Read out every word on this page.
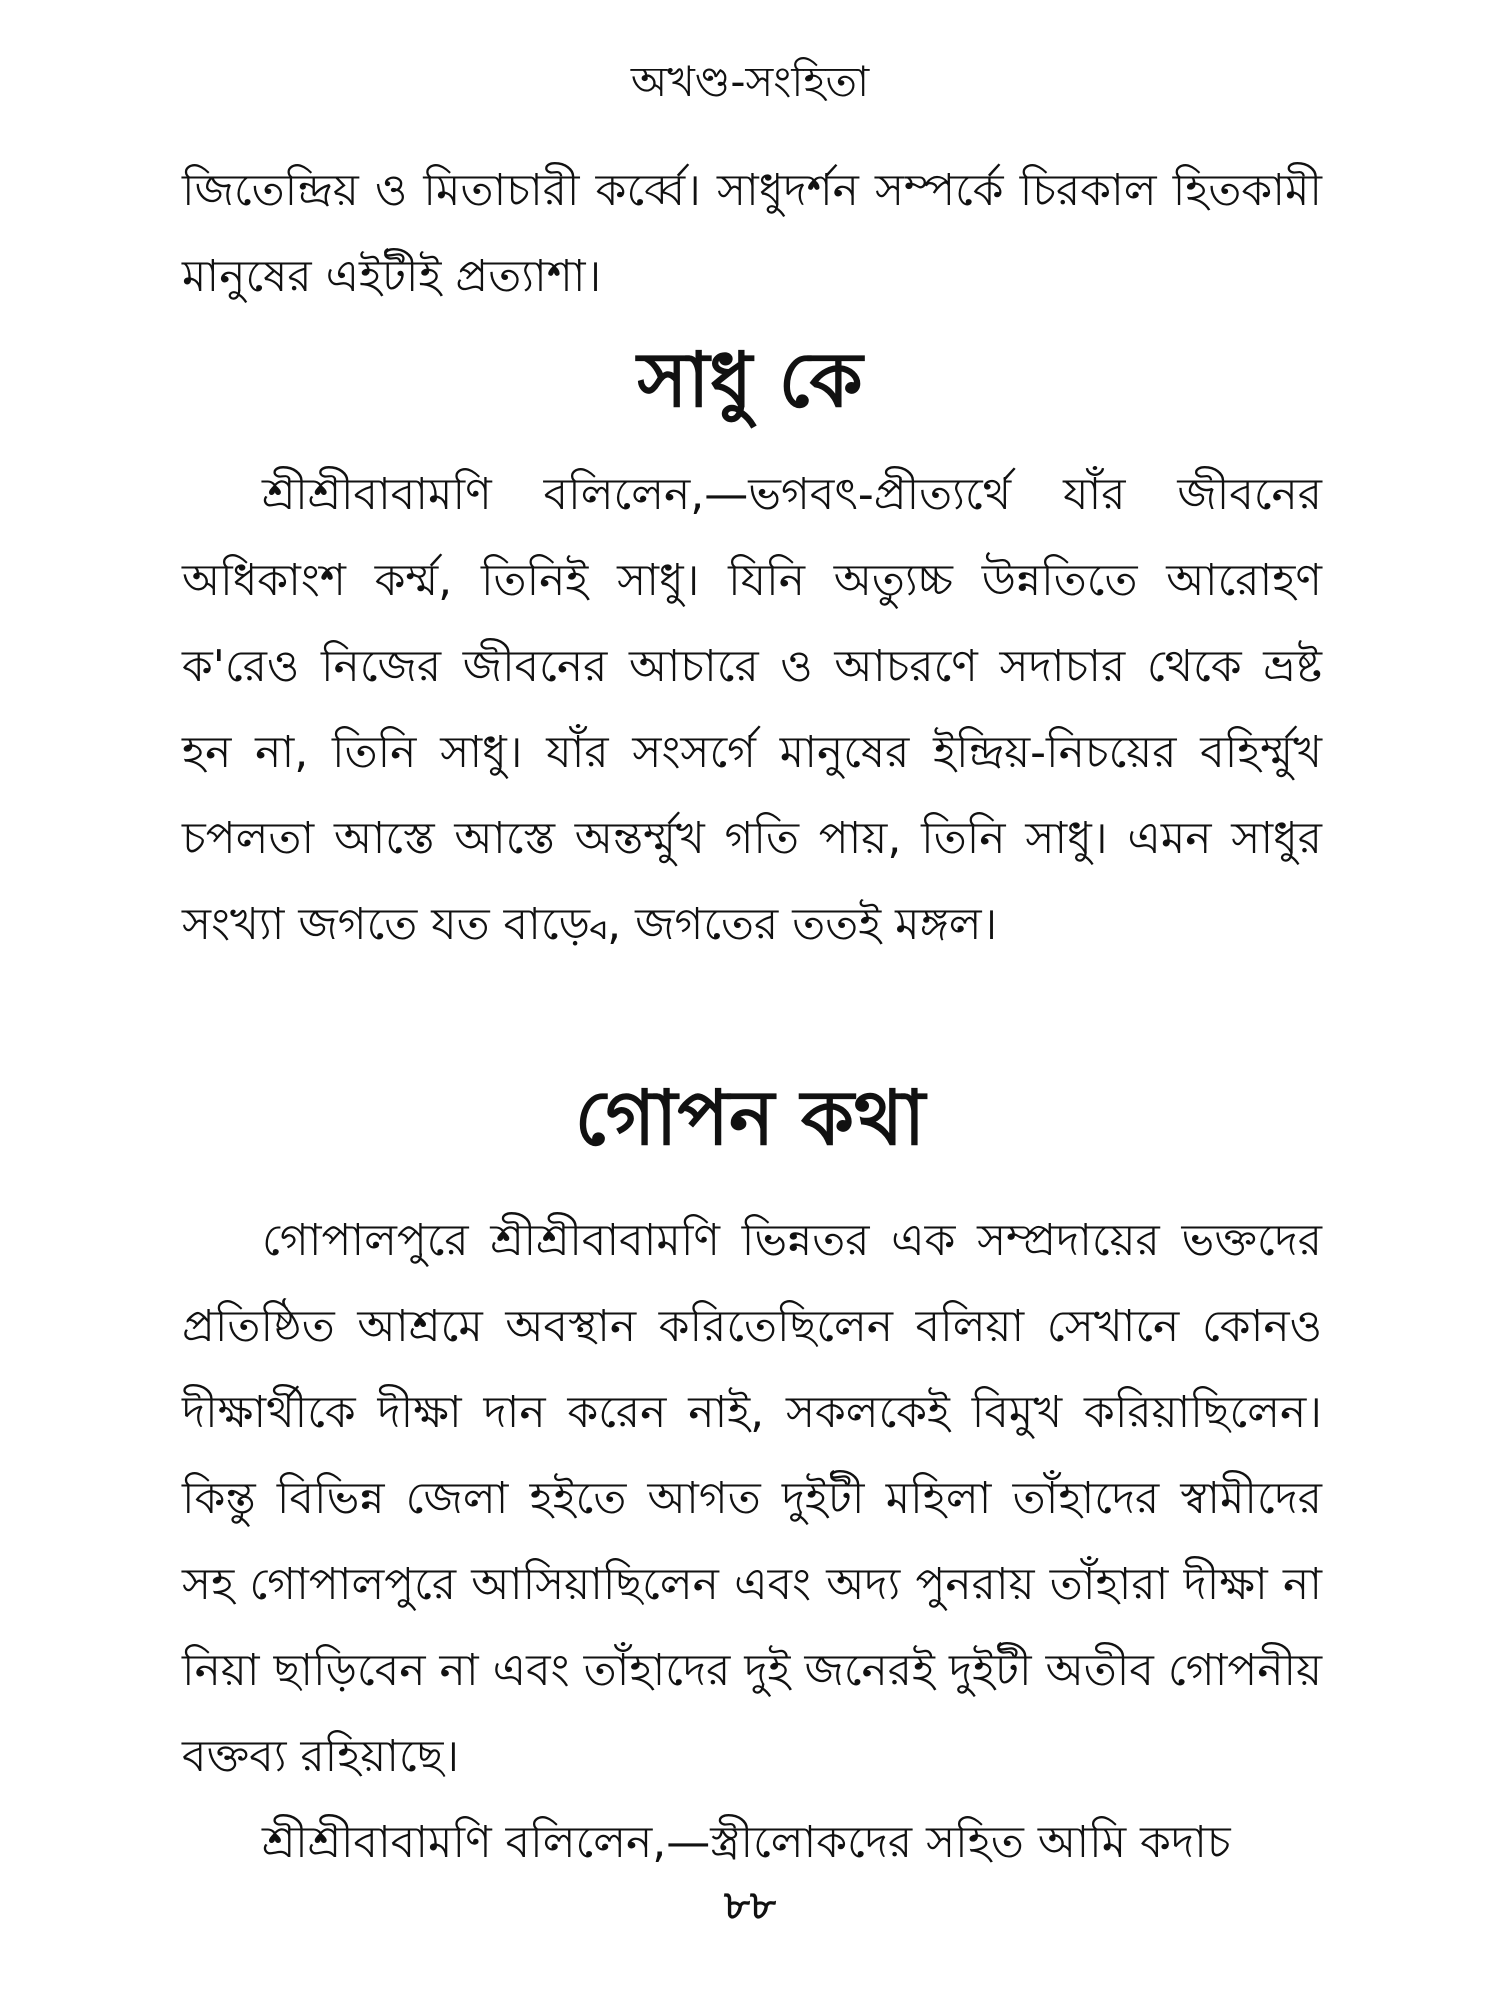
অখণ্ড-সংহিতা

জিতেন্দ্রিয় ও মিতাচারী কর্ব্বে। সাধুদর্শন সম্পর্কে চিরকাল হিতকামী মানুষের এইটীই প্রত্যাশা।

সাধু কে

শ্রীশ্রীবাবামণি বলিলেন,—ভগবৎ-প্রীত্যর্থে যাঁর জীবনের অধিকাংশ কর্ম্ম, তিনিই সাধু। যিনি অত্যুচ্চ উন্নতিতে আরোহণ ক'রেও নিজের জীবনের আচারে ও আচরণে সদাচার থেকে ভ্রষ্ট হন না, তিনি সাধু। যাঁর সংসর্গে মানুষের ইন্দ্রিয়-নিচয়ের বহির্ম্মুখ চপলতা আস্তে আস্তে অন্তর্ম্মুখ গতি পায়, তিনি সাধু। এমন সাধুর সংখ্যা জগতে যত বাড়্বে, জগতের ততই মঙ্গল।

গোপন কথা

গোপালপুরে শ্রীশ্রীবাবামণি ভিন্নতর এক সম্প্রদায়ের ভক্তদের প্রতিষ্ঠিত আশ্রমে অবস্থান করিতেছিলেন বলিয়া সেখানে কোনও দীক্ষার্থীকে দীক্ষা দান করেন নাই, সকলকেই বিমুখ করিয়াছিলেন। কিন্তু বিভিন্ন জেলা হইতে আগত দুইটী মহিলা তাঁহাদের স্বামীদের সহ গোপালপুরে আসিয়াছিলেন এবং অদ্য পুনরায় তাঁহারা দীক্ষা না নিয়া ছাড়িবেন না এবং তাঁহাদের দুই জনেরই দুইটী অতীব গোপনীয় বক্তব্য রহিয়াছে।

শ্রীশ্রীবাবামণি বলিলেন,—স্ত্রীলোকদের সহিত আমি কদাচ

৮৮
